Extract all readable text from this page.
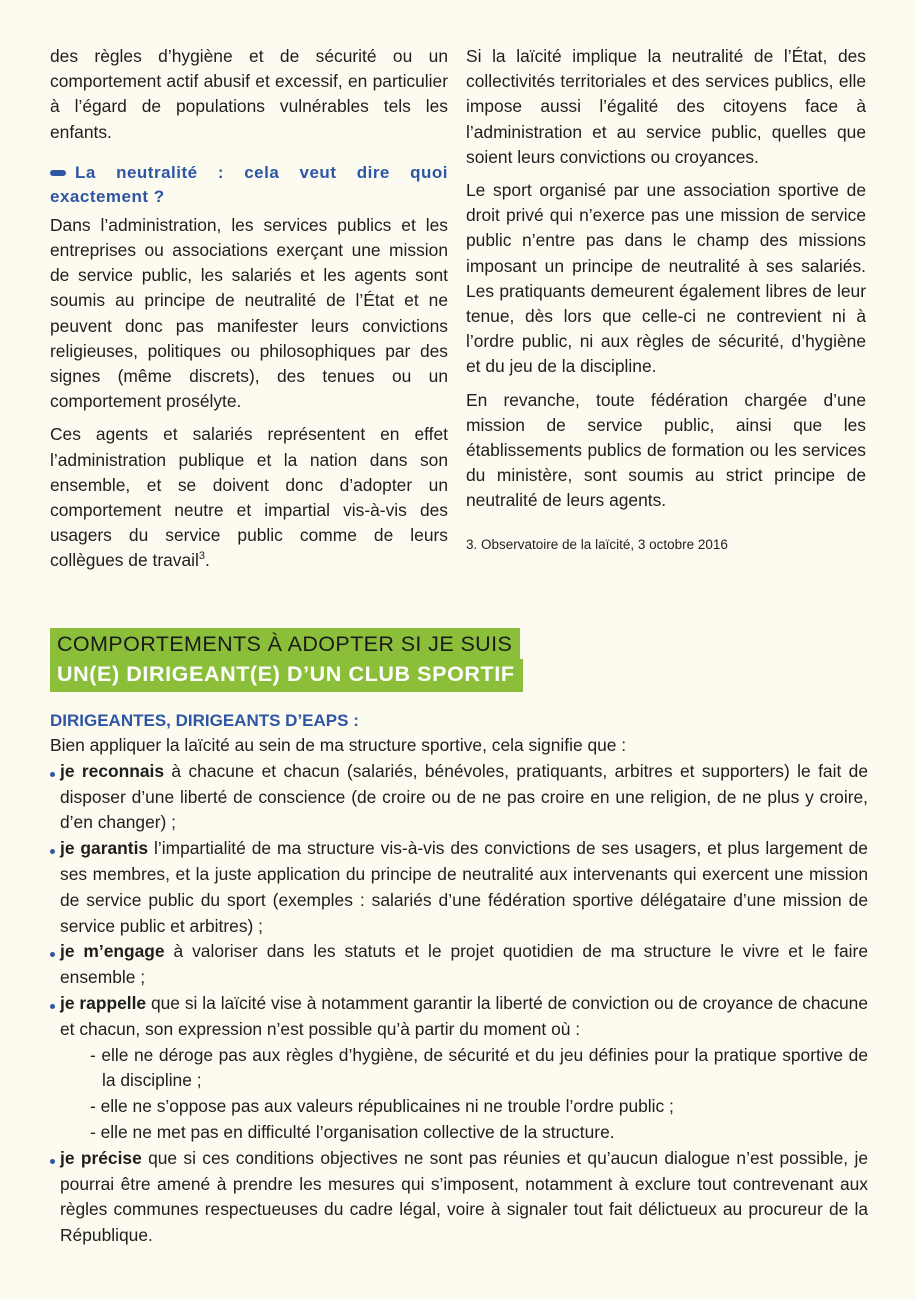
des règles d’hygiène et de sécurité ou un comportement actif abusif et excessif, en particulier à l’égard de populations vulnérables tels les enfants.

La neutralité : cela veut dire quoi exactement ?

Dans l’administration, les services publics et les entreprises ou associations exerçant une mission de service public, les salariés et les agents sont soumis au principe de neutralité de l’État et ne peuvent donc pas manifester leurs convictions religieuses, politiques ou philosophiques par des signes (même discrets), des tenues ou un comportement prosélyte.

Ces agents et salariés représentent en effet l’administration publique et la nation dans son ensemble, et se doivent donc d’adopter un comportement neutre et impartial vis-à-vis des usagers du service public comme de leurs collègues de travail$^3$.

Si la laïcité implique la neutralité de l’État, des collectivités territoriales et des services publics, elle impose aussi l’égalité des citoyens face à l’administration et au service public, quelles que soient leurs convictions ou croyances.

Le sport organisé par une association sportive de droit privé qui n’exerce pas une mission de service public n’entre pas dans le champ des missions imposant un principe de neutralité à ses salariés. Les pratiquants demeurent également libres de leur tenue, dès lors que celle-ci ne contrevient ni à l’ordre public, ni aux règles de sécurité, d’hygiène et du jeu de la discipline.

En revanche, toute fédération chargée d’une mission de service public, ainsi que les établissements publics de formation ou les services du ministère, sont soumis au strict principe de neutralité de leurs agents.

3. Observatoire de la laïcité, 3 octobre 2016

COMPORTEMENTS À ADOPTER SI JE SUIS
UN(E) DIRIGEANT(E) D’UN CLUB SPORTIF

DIRIGEANTES, DIRIGEANTS D’EAPS :

Bien appliquer la laïcité au sein de ma structure sportive, cela signifie que :

je reconnais à chacune et chacun (salariés, bénévoles, pratiquants, arbitres et supporters) le fait de disposer d’une liberté de conscience (de croire ou de ne pas croire en une religion, de ne plus y croire, d’en changer) ;
je garantis l’impartialité de ma structure vis-à-vis des convictions de ses usagers, et plus largement de ses membres, et la juste application du principe de neutralité aux intervenants qui exercent une mission de service public du sport (exemples : salariés d’une fédération sportive délégataire d’une mission de service public et arbitres) ;
je m’engage à valoriser dans les statuts et le projet quotidien de ma structure le vivre et le faire ensemble ;
je rappelle que si la laïcité vise à notamment garantir la liberté de conviction ou de croyance de chacune et chacun, son expression n’est possible qu’à partir du moment où :
- elle ne déroge pas aux règles d’hygiène, de sécurité et du jeu définies pour la pratique sportive de la discipline ;
- elle ne s’oppose pas aux valeurs républicaines ni ne trouble l’ordre public ;
- elle ne met pas en difficulté l’organisation collective de la structure.
je précise que si ces conditions objectives ne sont pas réunies et qu’aucun dialogue n’est possible, je pourrai être amené à prendre les mesures qui s’imposent, notamment à exclure tout contrevenant aux règles communes respectueuses du cadre légal, voire à signaler tout fait délictueux au procureur de la République.
